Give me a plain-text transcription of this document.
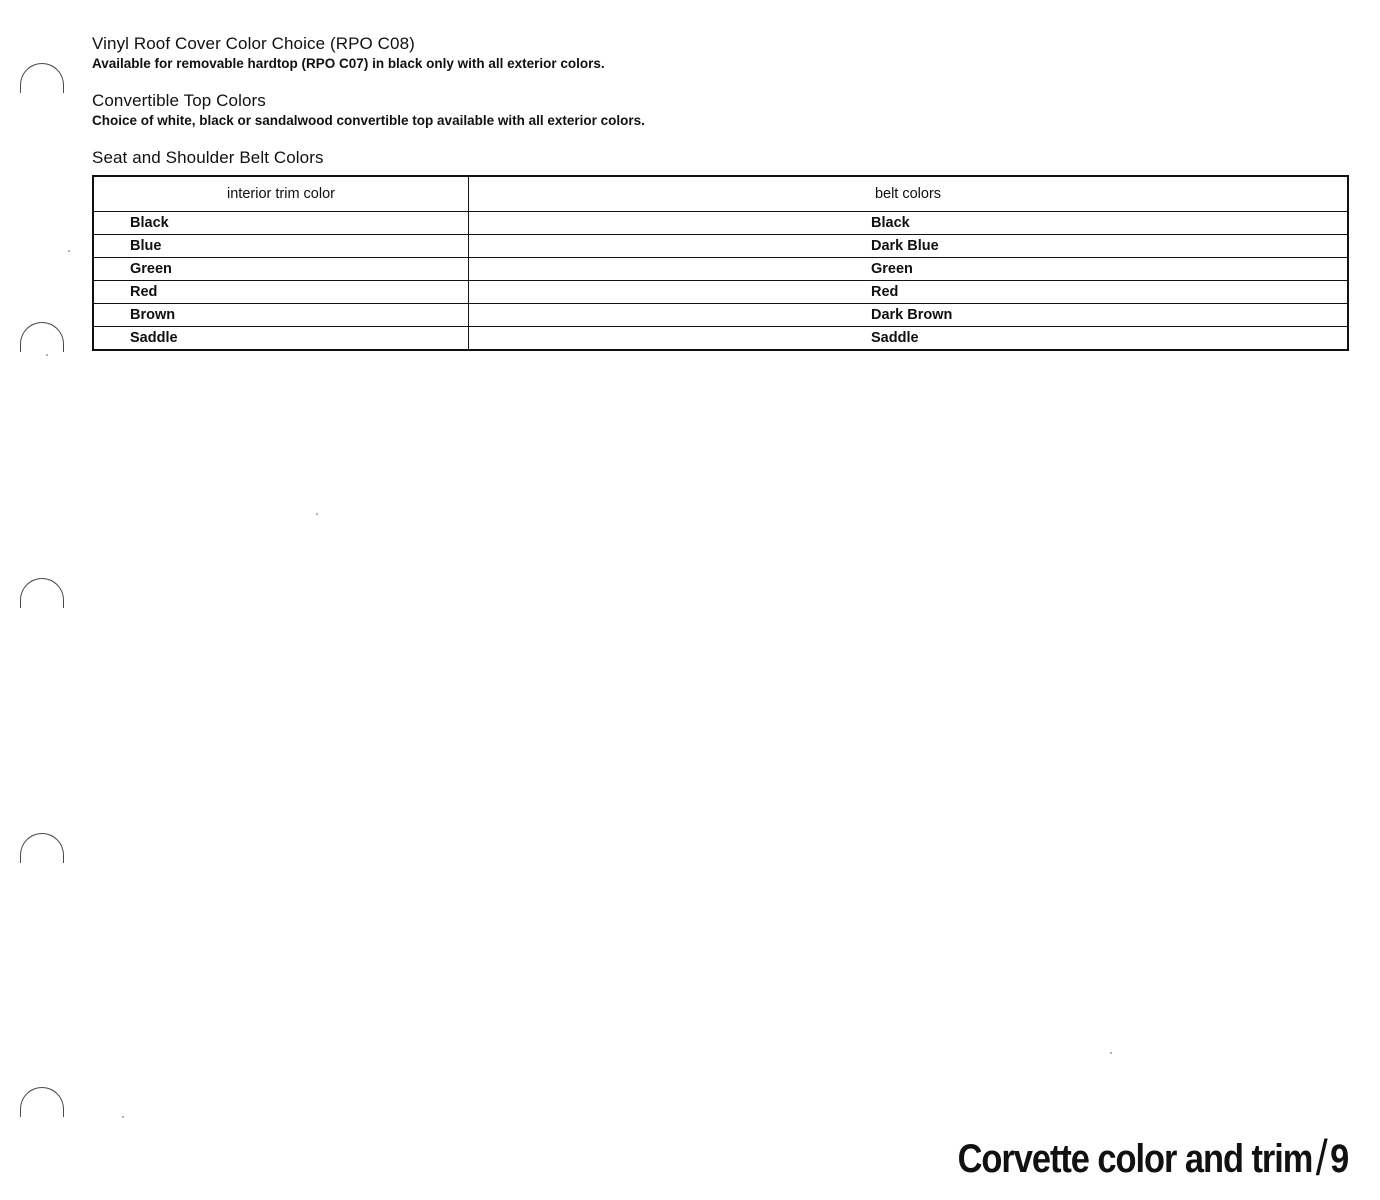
Vinyl Roof Cover Color Choice (RPO C08)

Available for removable hardtop (RPO C07) in black only with all exterior colors.

Convertible Top Colors

Choice of white, black or sandalwood convertible top available with all exterior colors.

Seat and Shoulder Belt Colors
interior trim color	belt colors
Black	Black
Blue	Dark Blue
Green	Green
Red	Red
Brown	Dark Brown
Saddle	Saddle
Corvette color and trim/9
